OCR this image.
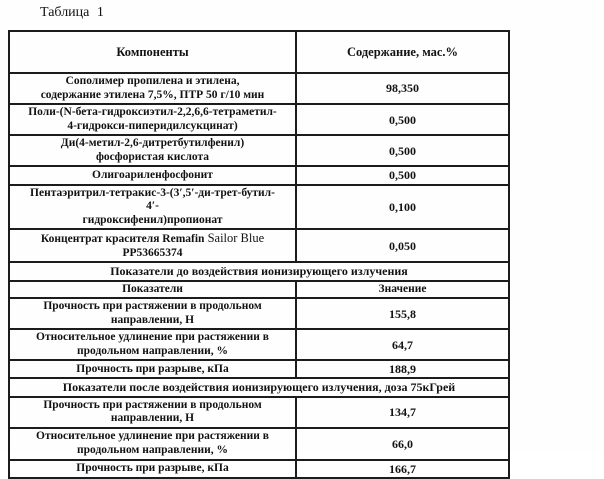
Таблица 1
Компоненты	Содержание, мас.%
Сополимер пропилена и этилена,
содержание этилена 7,5%, ПТР 50 г/10 мин	98,350
Поли-(N-бета-гидроксиэтил-2,2,6,6-тетраметил-
4-гидрокси-пиперидилсукцинат)	0,500
Ди(4-метил-2,6-дитретбутилфенил)
фосфористая кислота	0,500
Олигоариленфосфонит	0,500
Пентаэритрил-тетракис-3-(3′,5′-ди-трет-бутил-
4′-
гидроксифенил)пропионат	0,100
Концентрат красителя Remafin Sailor Blue
PP53665374	0,050
Показатели до воздействия ионизирующего излучения	
Показатели	Значение
Прочность при растяжении в продольном
направлении, Н	155,8
Относительное удлинение при растяжении в
продольном направлении, %	64,7
Прочность при разрыве, кПа	188,9
Показатели после воздействия ионизирующего излучения, доза 75кГрей	
Прочность при растяжении в продольном
направлении, Н	134,7
Относительное удлинение при растяжении в
продольном направлении, %	66,0
Прочность при разрыве, кПа	166,7
